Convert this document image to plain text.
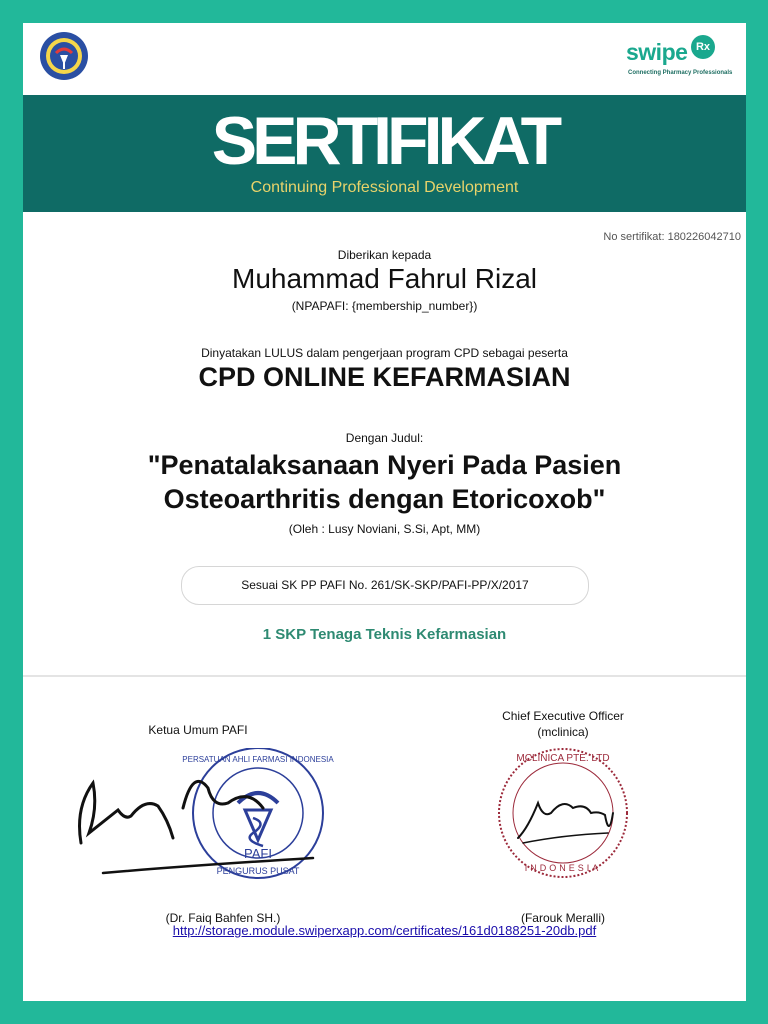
swipe Rx
Connecting Pharmacy Professionals
SERTIFIKAT
Continuing Professional Development
No sertifikat: 180226042710
Diberikan kepada
Muhammad Fahrul Rizal
(NPAPAFI: {membership_number})
Dinyatakan LULUS dalam pengerjaan program CPD sebagai peserta
CPD ONLINE KEFARMASIAN
Dengan Judul:
"Penatalaksanaan Nyeri Pada Pasien
Osteoarthritis dengan Etoricoxob"
(Oleh : Lusy Noviani, S.Si, Apt, MM)
Sesuai SK PP PAFI No. 261/SK-SKP/PAFI-PP/X/2017
1 SKP Tenaga Teknis Kefarmasian
Ketua Umum PAFI
PAFI
PERSATUAN AHLI FARMASI INDONESIA
PENGURUS PUSAT
(Dr. Faiq Bahfen SH.)
Chief Executive Officer
(mclinica)
MCLINICA PTE. LTD
INDONESIA
(Farouk Meralli)
http://storage.module.swiperxapp.com/certificates/161d0188251-20db.pdf
